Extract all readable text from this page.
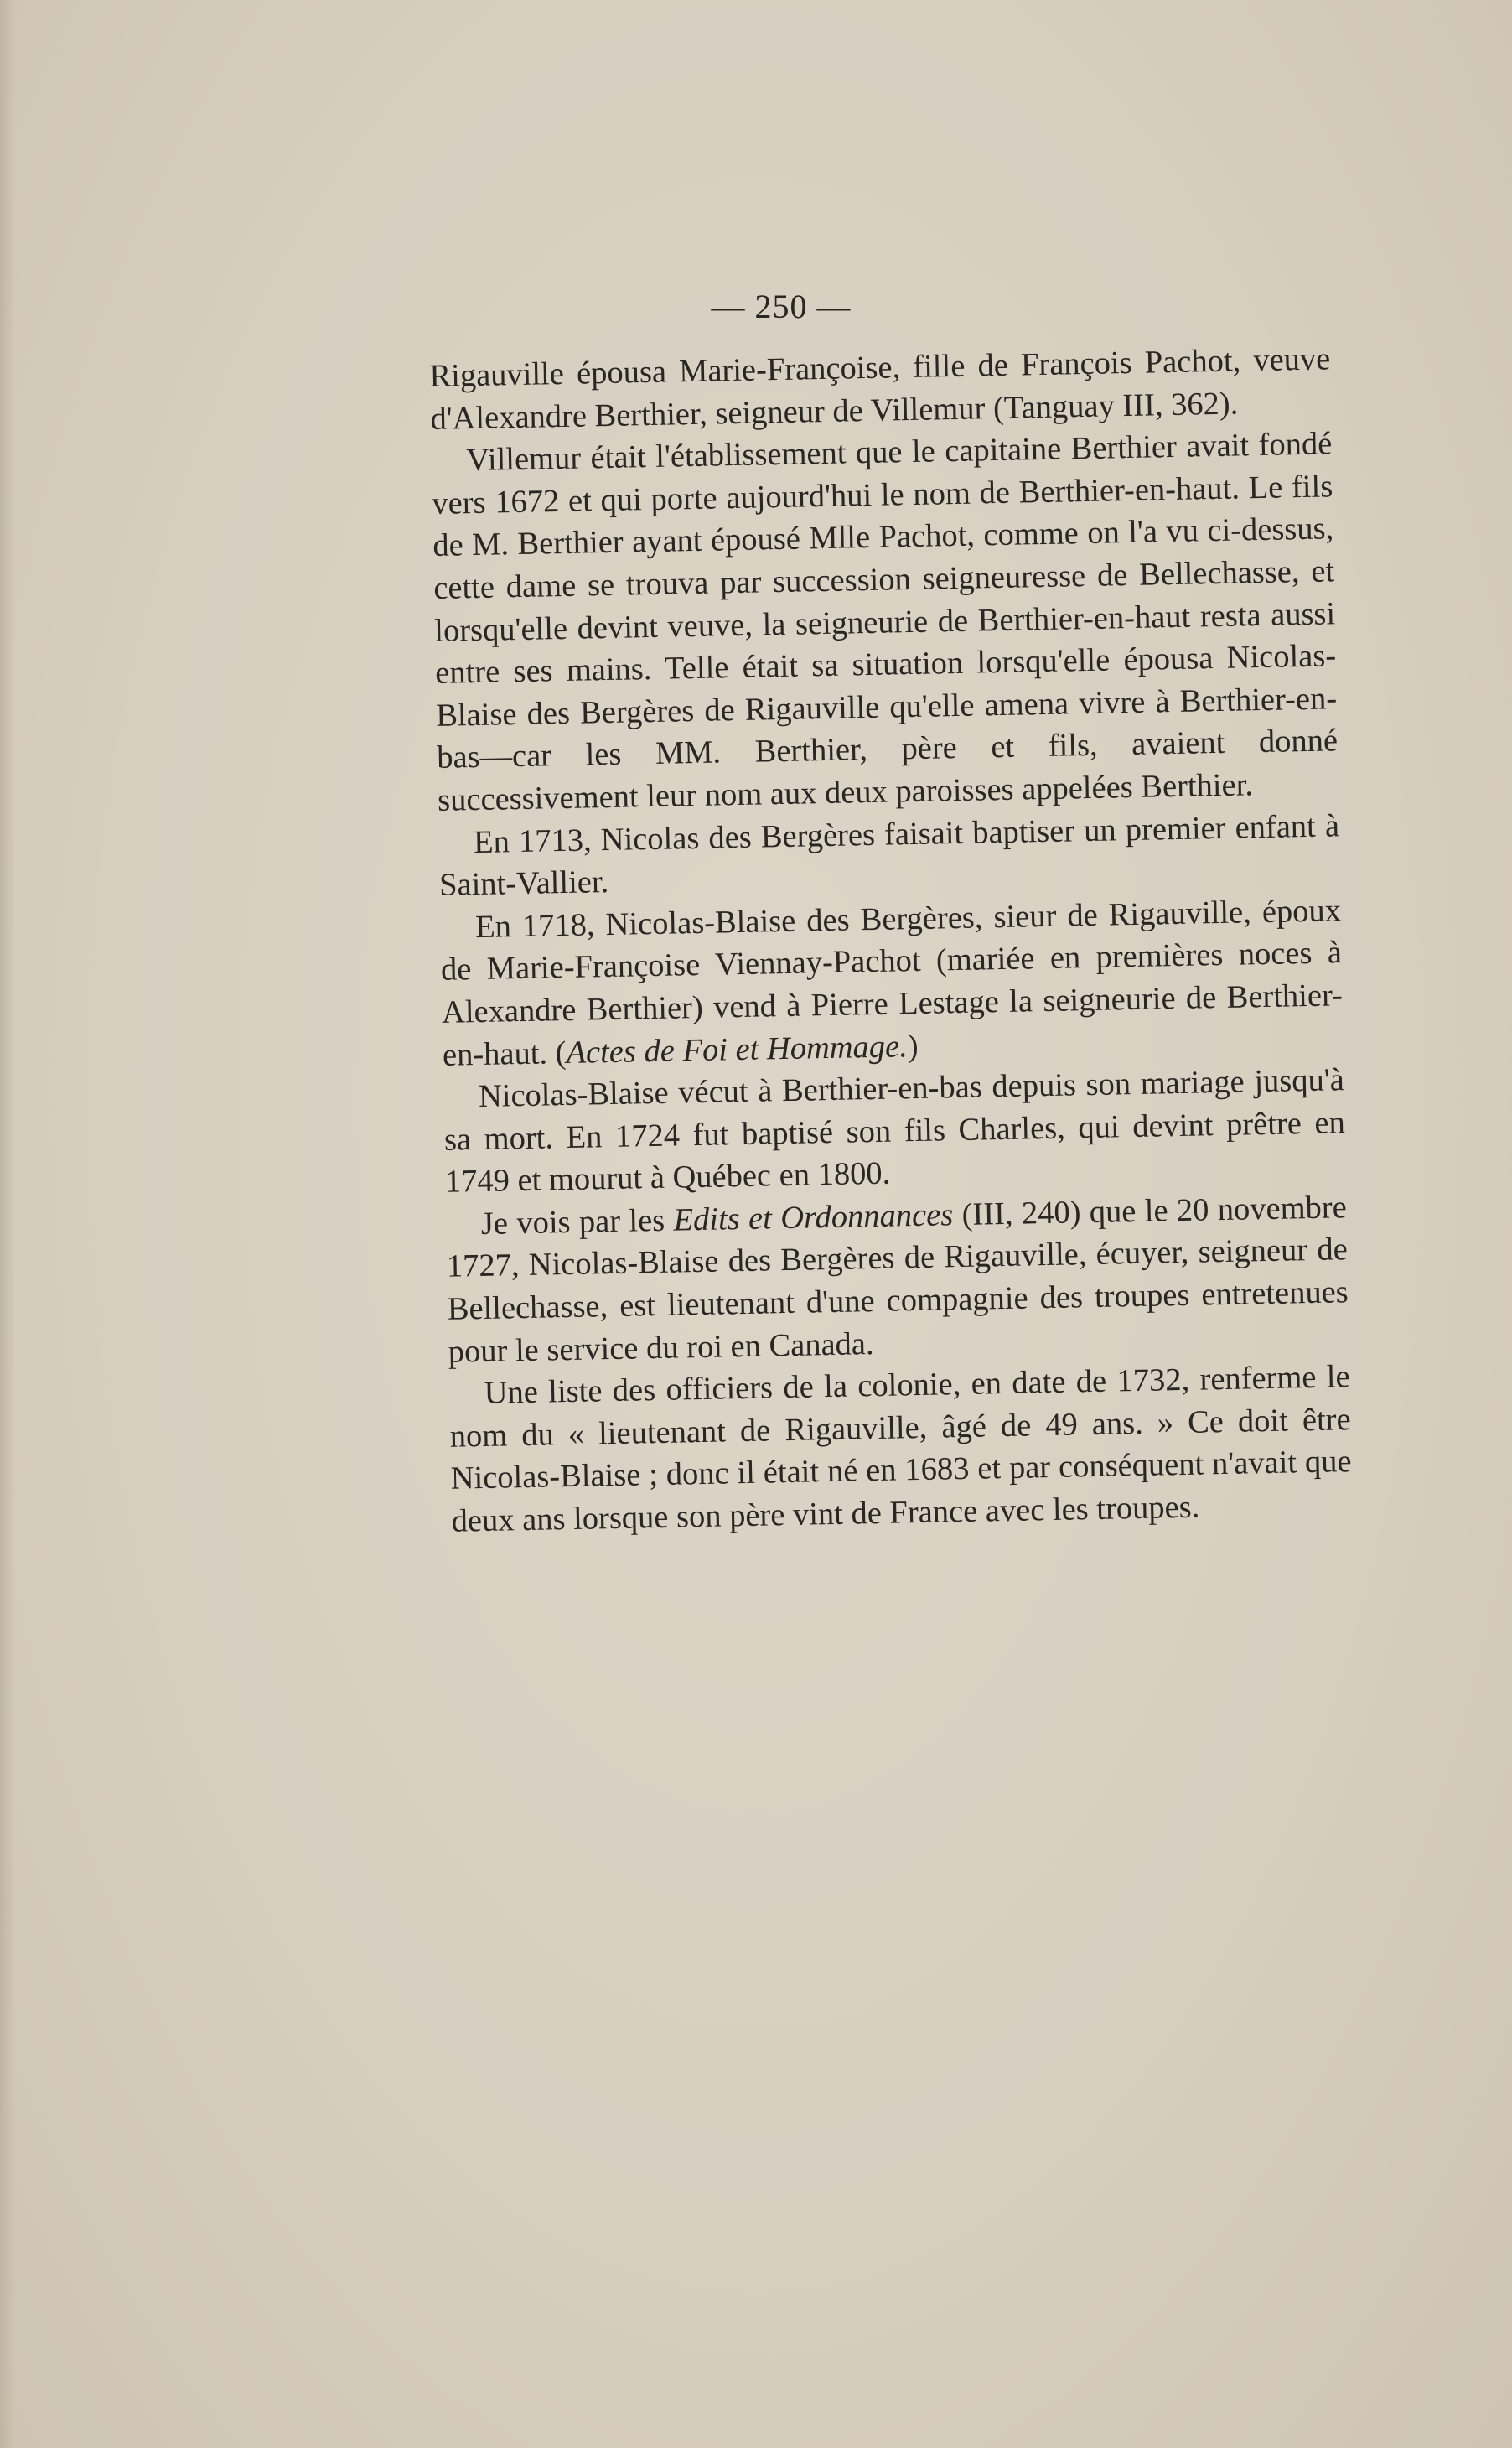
— 250 —

Rigauville épousa Marie-Françoise, fille de François Pachot, veuve d'Alexandre Berthier, seigneur de Villemur (Tanguay III, 362).

Villemur était l'établissement que le capitaine Berthier avait fondé vers 1672 et qui porte aujourd'hui le nom de Berthier-en-haut. Le fils de M. Berthier ayant épousé Mlle Pachot, comme on l'a vu ci-dessus, cette dame se trouva par succession seigneuresse de Bellechasse, et lorsqu'elle devint veuve, la seigneurie de Berthier-en-haut resta aussi entre ses mains. Telle était sa situation lorsqu'elle épousa Nicolas-Blaise des Bergères de Rigauville qu'elle amena vivre à Berthier-en-bas—car les MM. Berthier, père et fils, avaient donné successivement leur nom aux deux paroisses appelées Berthier.

En 1713, Nicolas des Bergères faisait baptiser un premier enfant à Saint-Vallier.

En 1718, Nicolas-Blaise des Bergères, sieur de Rigauville, époux de Marie-Françoise Viennay-Pachot (mariée en premières noces à Alexandre Berthier) vend à Pierre Lestage la seigneurie de Berthier-en-haut. (Actes de Foi et Hommage.)

Nicolas-Blaise vécut à Berthier-en-bas depuis son mariage jusqu'à sa mort. En 1724 fut baptisé son fils Charles, qui devint prêtre en 1749 et mourut à Québec en 1800.

Je vois par les Edits et Ordonnances (III, 240) que le 20 novembre 1727, Nicolas-Blaise des Bergères de Rigauville, écuyer, seigneur de Bellechasse, est lieutenant d'une compagnie des troupes entretenues pour le service du roi en Canada.

Une liste des officiers de la colonie, en date de 1732, renferme le nom du « lieutenant de Rigauville, âgé de 49 ans. » Ce doit être Nicolas-Blaise ; donc il était né en 1683 et par conséquent n'avait que deux ans lorsque son père vint de France avec les troupes.
